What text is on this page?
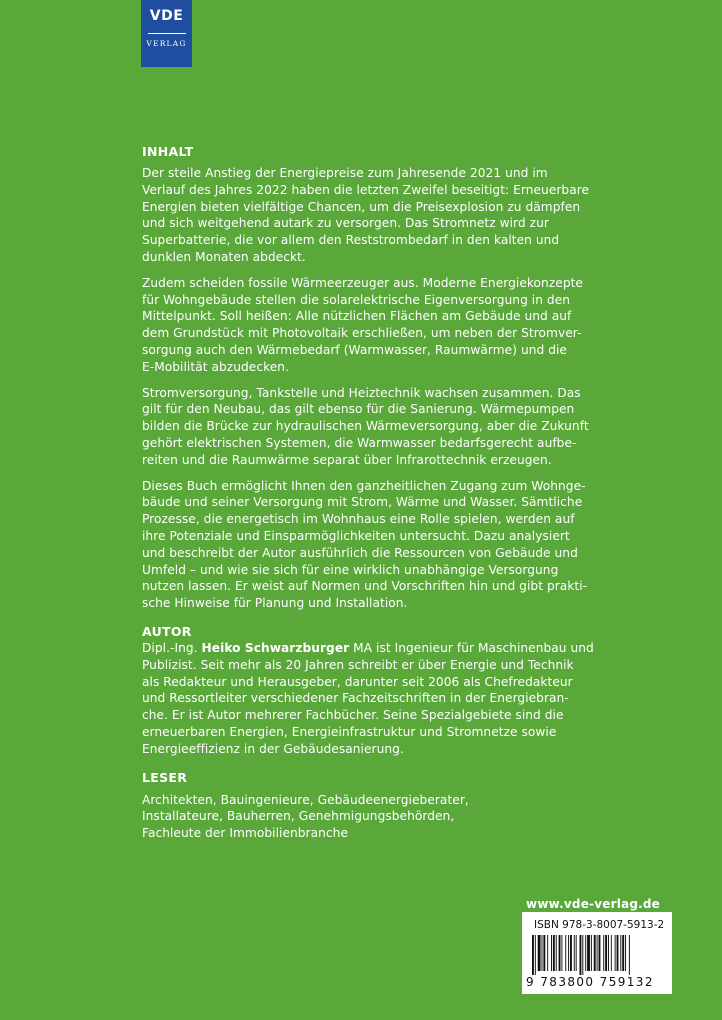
VDE
VERLAG
INHALT

Der steile Anstieg der Energiepreise zum Jahresende 2021 und im
Verlauf des Jahres 2022 haben die letzten Zweifel beseitigt: Erneuerbare
Energien bieten vielfältige Chancen, um die Preisexplosion zu dämpfen
und sich weitgehend autark zu versorgen. Das Stromnetz wird zur
Superbatterie, die vor allem den Reststrombedarf in den kalten und
dunklen Monaten abdeckt.

Zudem scheiden fossile Wärmeerzeuger aus. Moderne Energiekonzepte
für Wohngebäude stellen die solarelektrische Eigenversorgung in den
Mittelpunkt. Soll heißen: Alle nützlichen Flächen am Gebäude und auf
dem Grundstück mit Photovoltaik erschließen, um neben der Stromver-
sorgung auch den Wärmebedarf (Warmwasser, Raumwärme) und die
E-Mobilität abzudecken.

Stromversorgung, Tankstelle und Heiztechnik wachsen zusammen. Das
gilt für den Neubau, das gilt ebenso für die Sanierung. Wärmepumpen
bilden die Brücke zur hydraulischen Wärmeversorgung, aber die Zukunft
gehört elektrischen Systemen, die Warmwasser bedarfsgerecht aufbe-
reiten und die Raumwärme separat über Infrarottechnik erzeugen.

Dieses Buch ermöglicht Ihnen den ganzheitlichen Zugang zum Wohnge-
bäude und seiner Versorgung mit Strom, Wärme und Wasser. Sämtliche
Prozesse, die energetisch im Wohnhaus eine Rolle spielen, werden auf
ihre Potenziale und Einsparmöglichkeiten untersucht. Dazu analysiert
und beschreibt der Autor ausführlich die Ressourcen von Gebäude und
Umfeld – und wie sie sich für eine wirklich unabhängige Versorgung
nutzen lassen. Er weist auf Normen und Vorschriften hin und gibt prakti-
sche Hinweise für Planung und Installation.

AUTOR

Dipl.-Ing. Heiko Schwarzburger MA ist Ingenieur für Maschinenbau und
Publizist. Seit mehr als 20 Jahren schreibt er über Energie und Technik
als Redakteur und Herausgeber, darunter seit 2006 als Chefredakteur
und Ressortleiter verschiedener Fachzeitschriften in der Energiebran-
che. Er ist Autor mehrerer Fachbücher. Seine Spezialgebiete sind die
erneuerbaren Energien, Energieinfrastruktur und Stromnetze sowie
Energieeffizienz in der Gebäudesanierung.

LESER

Architekten, Bauingenieure, Gebäudeenergieberater,
Installateure, Bauherren, Genehmigungsbehörden,
Fachleute der Immobilienbranche

www.vde-verlag.de
ISBN 978-3-8007-5913-2
9 783800 759132
